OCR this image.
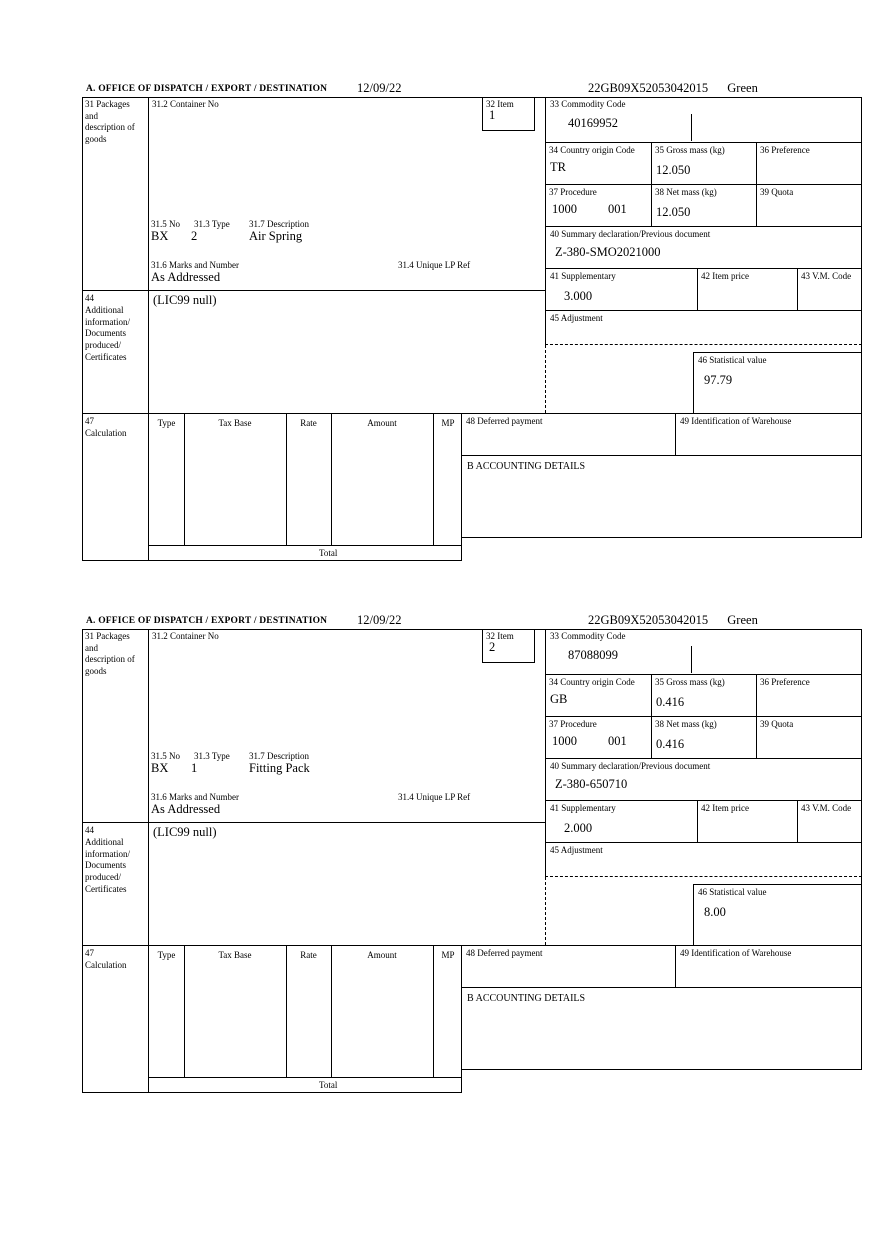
A. OFFICE OF DISPATCH / EXPORT / DESTINATION 12/09/22	22GB09X52053042015 Green
31 Packages and description of goods
44
Additional information/ Documents produced/ Certificates
31.2 Container No
31.5 No 31.3 Type 31.7 Description
BX 2	Air Spring
31.6 Marks and Number	31.4 Unique LP Ref
As Addressed
32 Item
1
(LIC99 null)
33 Commodity Code
40169952
34 Country origin Code
TR
35 Gross mass (kg)
12.050
36 Preference
37 Procedure
1000 001
38 Net mass (kg)
12.050
39 Quota
40 Summary declaration/Previous document
Z-380-SMO2021000
41 Supplementary
3.000
42 Item price	43 V.M. Code
45 Adjustment
46 Statistical value
97.79
47
Calculation
Type	Tax Base	Rate	Amount	MP
Total
48 Deferred payment	49 Identification of Warehouse
B ACCOUNTING DETAILS
A. OFFICE OF DISPATCH / EXPORT / DESTINATION 12/09/22	22GB09X52053042015 Green
31 Packages and description of goods
44
Additional information/ Documents produced/ Certificates
31.2 Container No
31.5 No 31.3 Type 31.7 Description
BX 1	Fitting Pack
31.6 Marks and Number	31.4 Unique LP Ref
As Addressed
32 Item
2
(LIC99 null)
33 Commodity Code
87088099
34 Country origin Code
GB
35 Gross mass (kg)
0.416
36 Preference
37 Procedure
1000 001
38 Net mass (kg)
0.416
39 Quota
40 Summary declaration/Previous document
Z-380-650710
41 Supplementary
2.000
42 Item price	43 V.M. Code
45 Adjustment
46 Statistical value
8.00
47
Calculation
Type	Tax Base	Rate	Amount	MP
Total
48 Deferred payment	49 Identification of Warehouse
B ACCOUNTING DETAILS
